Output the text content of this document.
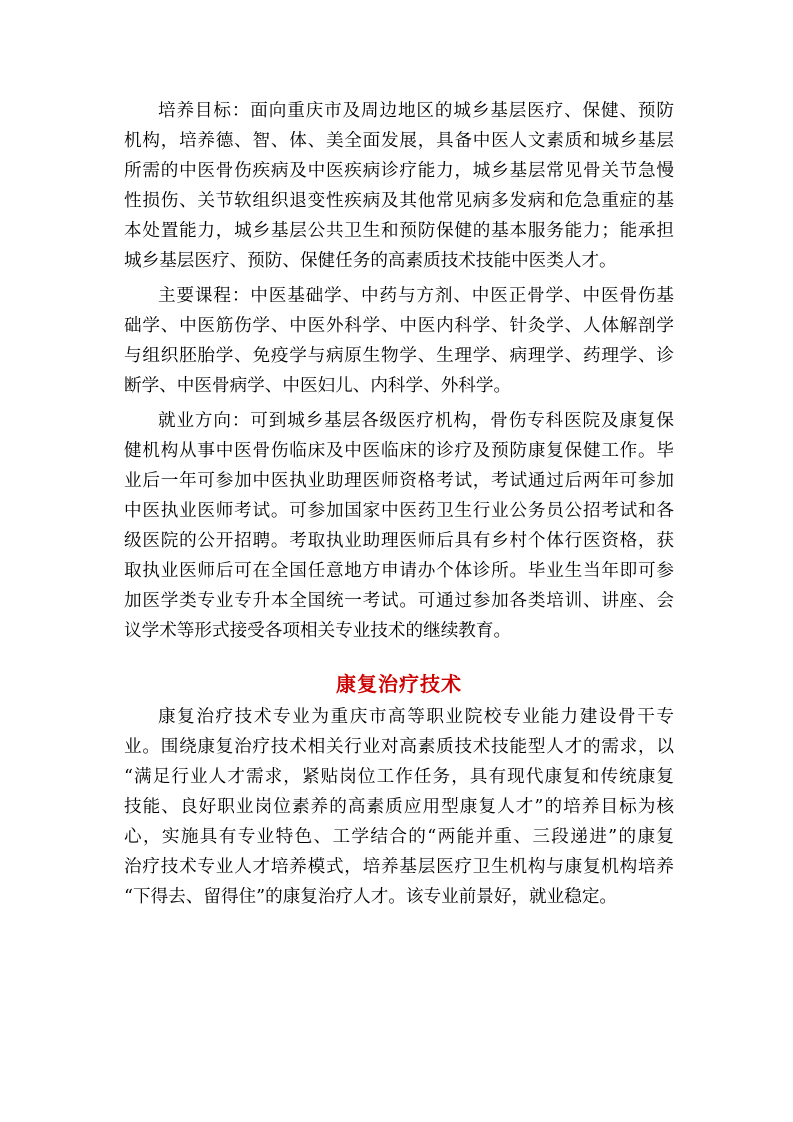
培养目标：面向重庆市及周边地区的城乡基层医疗、保健、预防
机构，培养德、智、体、美全面发展，具备中医人文素质和城乡基层
所需的中医骨伤疾病及中医疾病诊疗能力，城乡基层常见骨关节急慢
性损伤、关节软组织退变性疾病及其他常见病多发病和危急重症的基
本处置能力，城乡基层公共卫生和预防保健的基本服务能力；能承担
城乡基层医疗、预防、保健任务的高素质技术技能中医类人才。
主要课程：中医基础学、中药与方剂、中医正骨学、中医骨伤基
础学、中医筋伤学、中医外科学、中医内科学、针灸学、人体解剖学
与组织胚胎学、免疫学与病原生物学、生理学、病理学、药理学、诊
断学、中医骨病学、中医妇儿、内科学、外科学。
就业方向：可到城乡基层各级医疗机构，骨伤专科医院及康复保
健机构从事中医骨伤临床及中医临床的诊疗及预防康复保健工作。毕
业后一年可参加中医执业助理医师资格考试，考试通过后两年可参加
中医执业医师考试。可参加国家中医药卫生行业公务员公招考试和各
级医院的公开招聘。考取执业助理医师后具有乡村个体行医资格，获
取执业医师后可在全国任意地方申请办个体诊所。毕业生当年即可参
加医学类专业专升本全国统一考试。可通过参加各类培训、讲座、会
议学术等形式接受各项相关专业技术的继续教育。
康复治疗技术
康复治疗技术专业为重庆市高等职业院校专业能力建设骨干专
业。围绕康复治疗技术相关行业对高素质技术技能型人才的需求，以
“满足行业人才需求，紧贴岗位工作任务，具有现代康复和传统康复
技能、良好职业岗位素养的高素质应用型康复人才”的培养目标为核
心，实施具有专业特色、工学结合的“两能并重、三段递进”的康复
治疗技术专业人才培养模式，培养基层医疗卫生机构与康复机构培养
“下得去、留得住”的康复治疗人才。该专业前景好，就业稳定。
